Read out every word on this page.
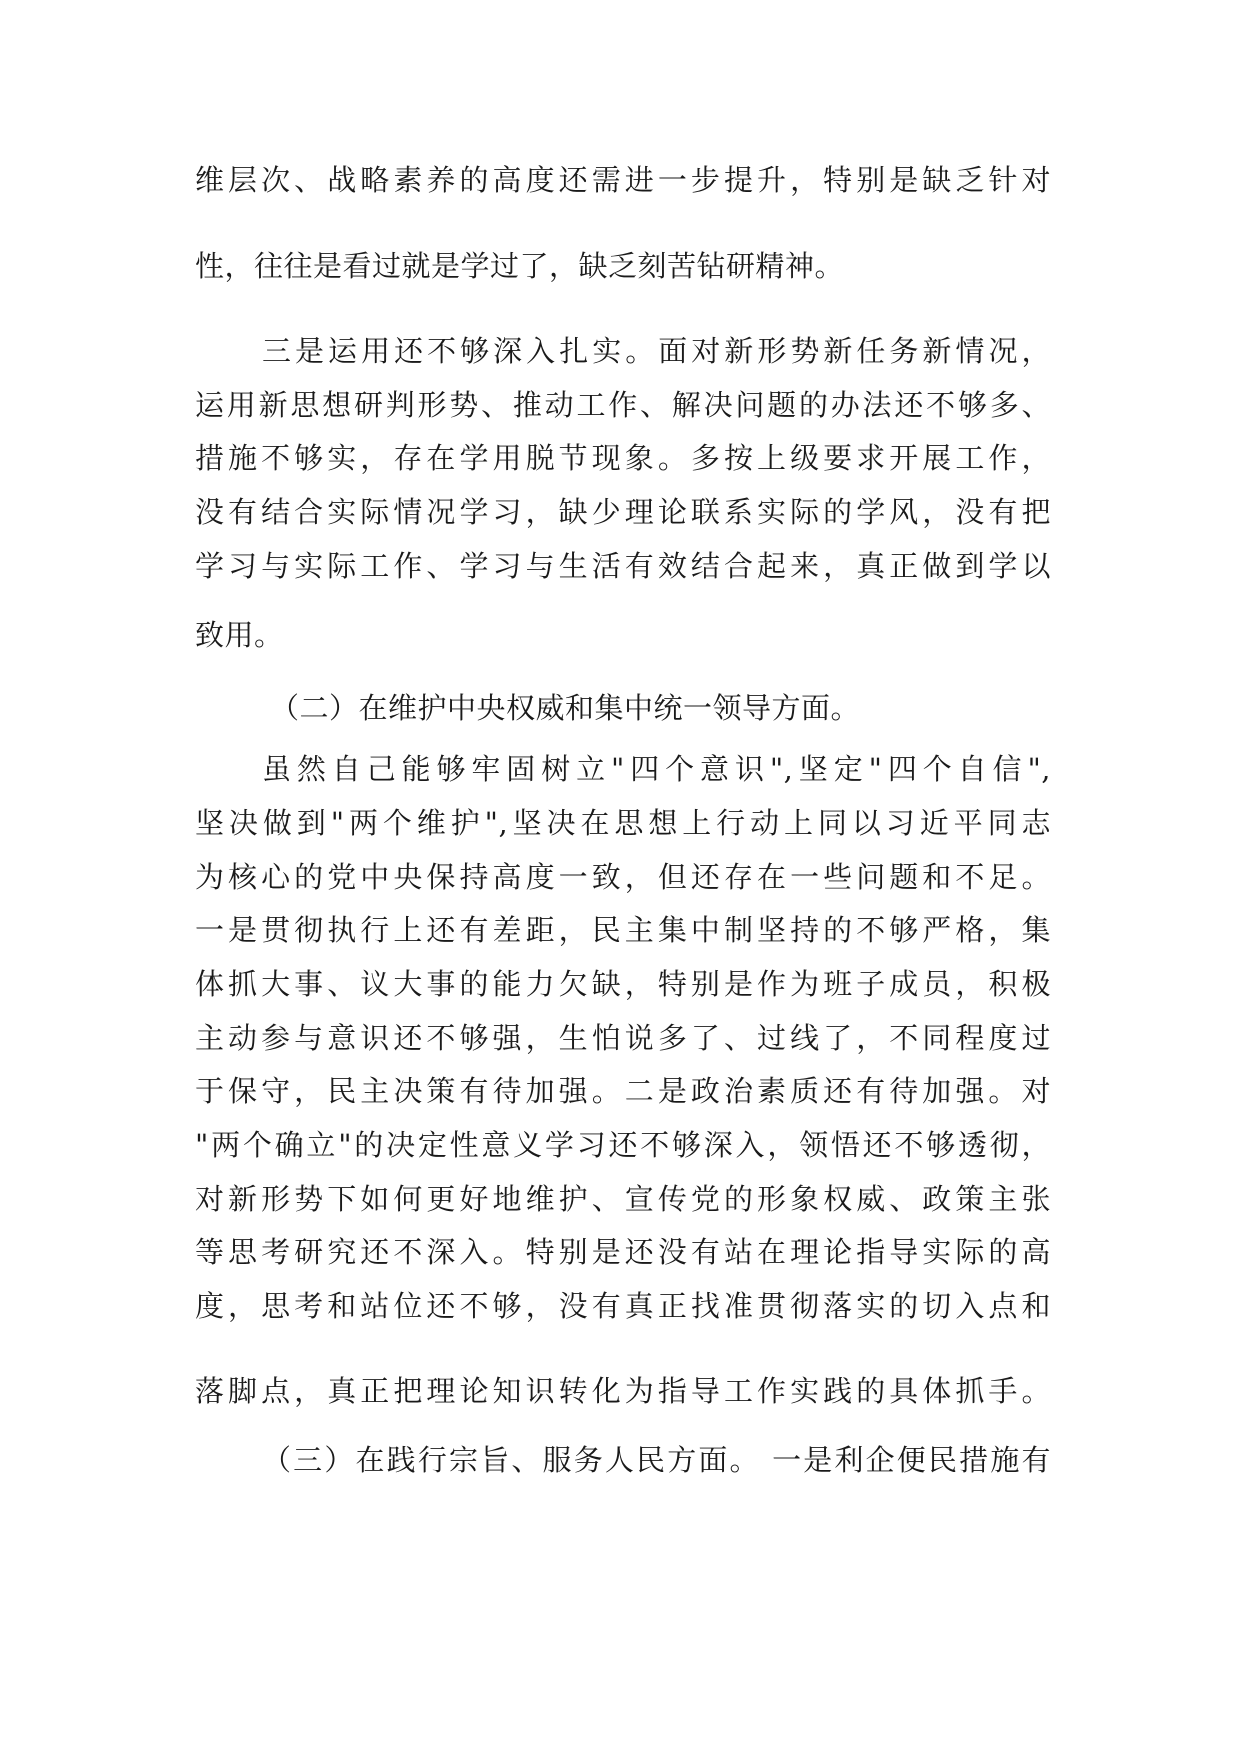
维层次、战略素养的高度还需进一步提升，特别是缺乏针对
性，往往是看过就是学过了，缺乏刻苦钻研精神。
三是运用还不够深入扎实。面对新形势新任务新情况，
运用新思想研判形势、推动工作、解决问题的办法还不够多、
措施不够实，存在学用脱节现象。多按上级要求开展工作，
没有结合实际情况学习，缺少理论联系实际的学风，没有把
学习与实际工作、学习与生活有效结合起来，真正做到学以
致用。
（二）在维护中央权威和集中统一领导方面。
虽然自己能够牢固树立"四个意识",坚定"四个自信",
坚决做到"两个维护",坚决在思想上行动上同以习近平同志
为核心的党中央保持高度一致，但还存在一些问题和不足。
一是贯彻执行上还有差距，民主集中制坚持的不够严格，集
体抓大事、议大事的能力欠缺，特别是作为班子成员，积极
主动参与意识还不够强，生怕说多了、过线了，不同程度过
于保守，民主决策有待加强。二是政治素质还有待加强。对
"两个确立"的决定性意义学习还不够深入，领悟还不够透彻，
对新形势下如何更好地维护、宣传党的形象权威、政策主张
等思考研究还不深入。特别是还没有站在理论指导实际的高
度，思考和站位还不够，没有真正找准贯彻落实的切入点和
落脚点，真正把理论知识转化为指导工作实践的具体抓手。
（三）在践行宗旨、服务人民方面。 一是利企便民措施有
